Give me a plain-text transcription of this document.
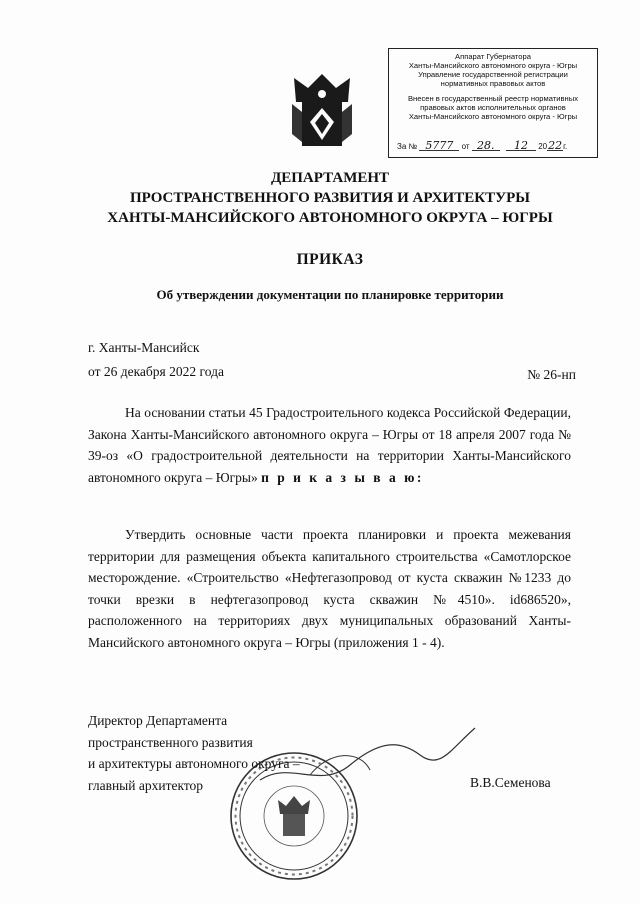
Аппарат Губернатора
Ханты-Мансийского автономного округа - Югры
Управление государственной регистрации
нормативных правовых актов
Внесен в государственный реестр нормативных
правовых актов исполнительных органов
Ханты-Мансийского автономного округа - Югры
За № 5777 от 28. 12 2022г.
ДЕПАРТАМЕНТ
ПРОСТРАНСТВЕННОГО РАЗВИТИЯ И АРХИТЕКТУРЫ
ХАНТЫ-МАНСИЙСКОГО АВТОНОМНОГО ОКРУГА – ЮГРЫ
ПРИКАЗ
Об утверждении документации по планировке территории
г. Ханты-Мансийск
от 26 декабря 2022 года	№ 26-нп

На основании статьи 45 Градостроительного кодекса Российской Федерации, Закона Ханты-Мансийского автономного округа – Югры от 18 апреля 2007 года № 39-оз «О градостроительной деятельности на территории Ханты-Мансийского автономного округа – Югры» п р и к а з ы в а ю:

Утвердить основные части проекта планировки и проекта межевания территории для размещения объекта капитального строительства «Самотлорское месторождение. «Строительство «Нефтегазопровод от куста скважин №1233 до точки врезки в нефтегазопровод куста скважин №4510». id686520», расположенного на территориях двух муниципальных образований Ханты-Мансийского автономного округа – Югры (приложения 1 - 4).

Директор Департамента
пространственного развития
и архитектуры автономного округа –
главный архитектор	В.В.Семенова
